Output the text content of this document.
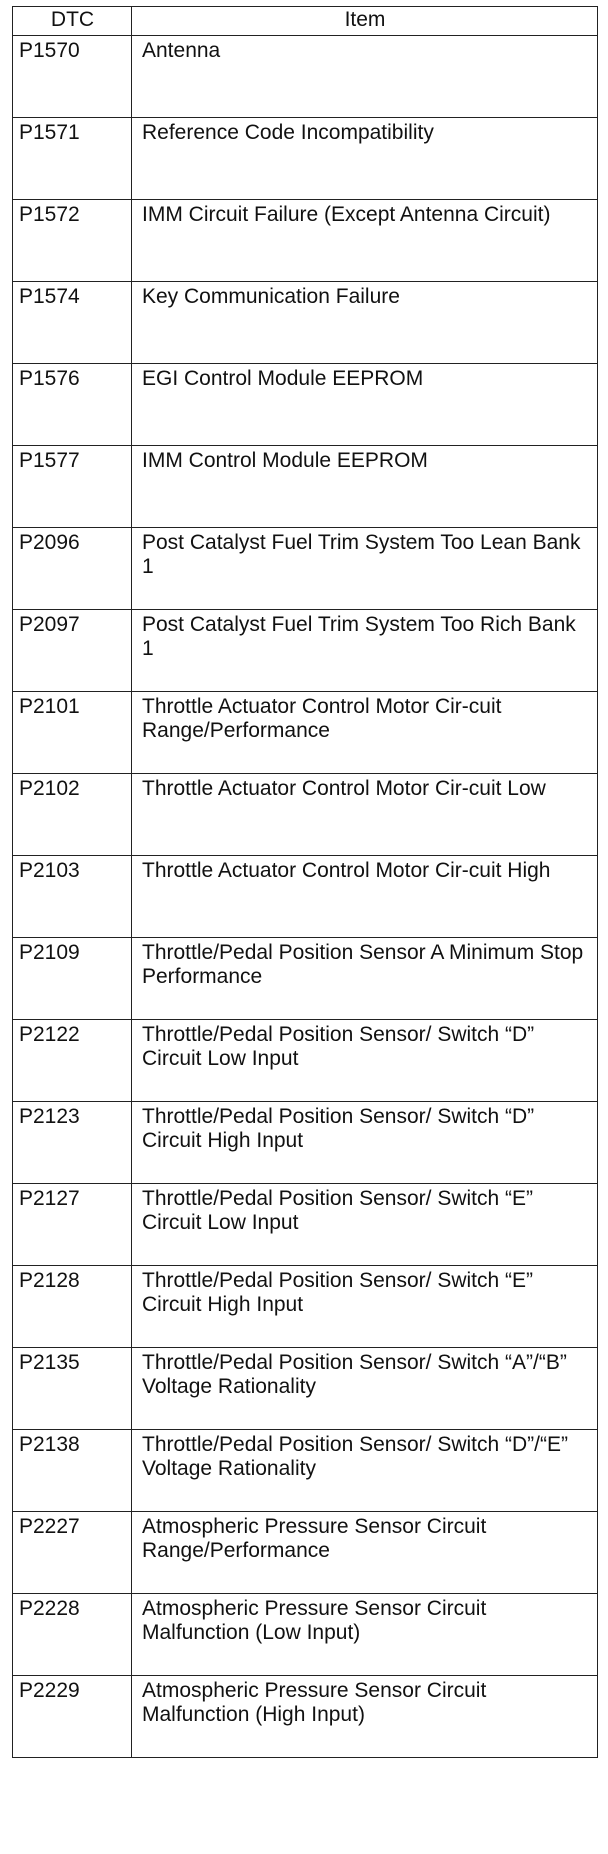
DTC	Item
P1570	Antenna
P1571	Reference Code Incompatibility
P1572	IMM Circuit Failure (Except Antenna Circuit)
P1574	Key Communication Failure
P1576	EGI Control Module EEPROM
P1577	IMM Control Module EEPROM
P2096	Post Catalyst Fuel Trim System Too Lean Bank 1
P2097	Post Catalyst Fuel Trim System Too Rich Bank 1
P2101	Throttle Actuator Control Motor Cir-cuit Range/Performance
P2102	Throttle Actuator Control Motor Cir-cuit Low
P2103	Throttle Actuator Control Motor Cir-cuit High
P2109	Throttle/Pedal Position Sensor A Minimum Stop Performance
P2122	Throttle/Pedal Position Sensor/ Switch “D” Circuit Low Input
P2123	Throttle/Pedal Position Sensor/ Switch “D” Circuit High Input
P2127	Throttle/Pedal Position Sensor/ Switch “E” Circuit Low Input
P2128	Throttle/Pedal Position Sensor/ Switch “E” Circuit High Input
P2135	Throttle/Pedal Position Sensor/ Switch “A”/“B” Voltage Rationality
P2138	Throttle/Pedal Position Sensor/ Switch “D”/“E” Voltage Rationality
P2227	Atmospheric Pressure Sensor Circuit Range/Performance
P2228	Atmospheric Pressure Sensor Circuit Malfunction (Low Input)
P2229	Atmospheric Pressure Sensor Circuit Malfunction (High Input)
